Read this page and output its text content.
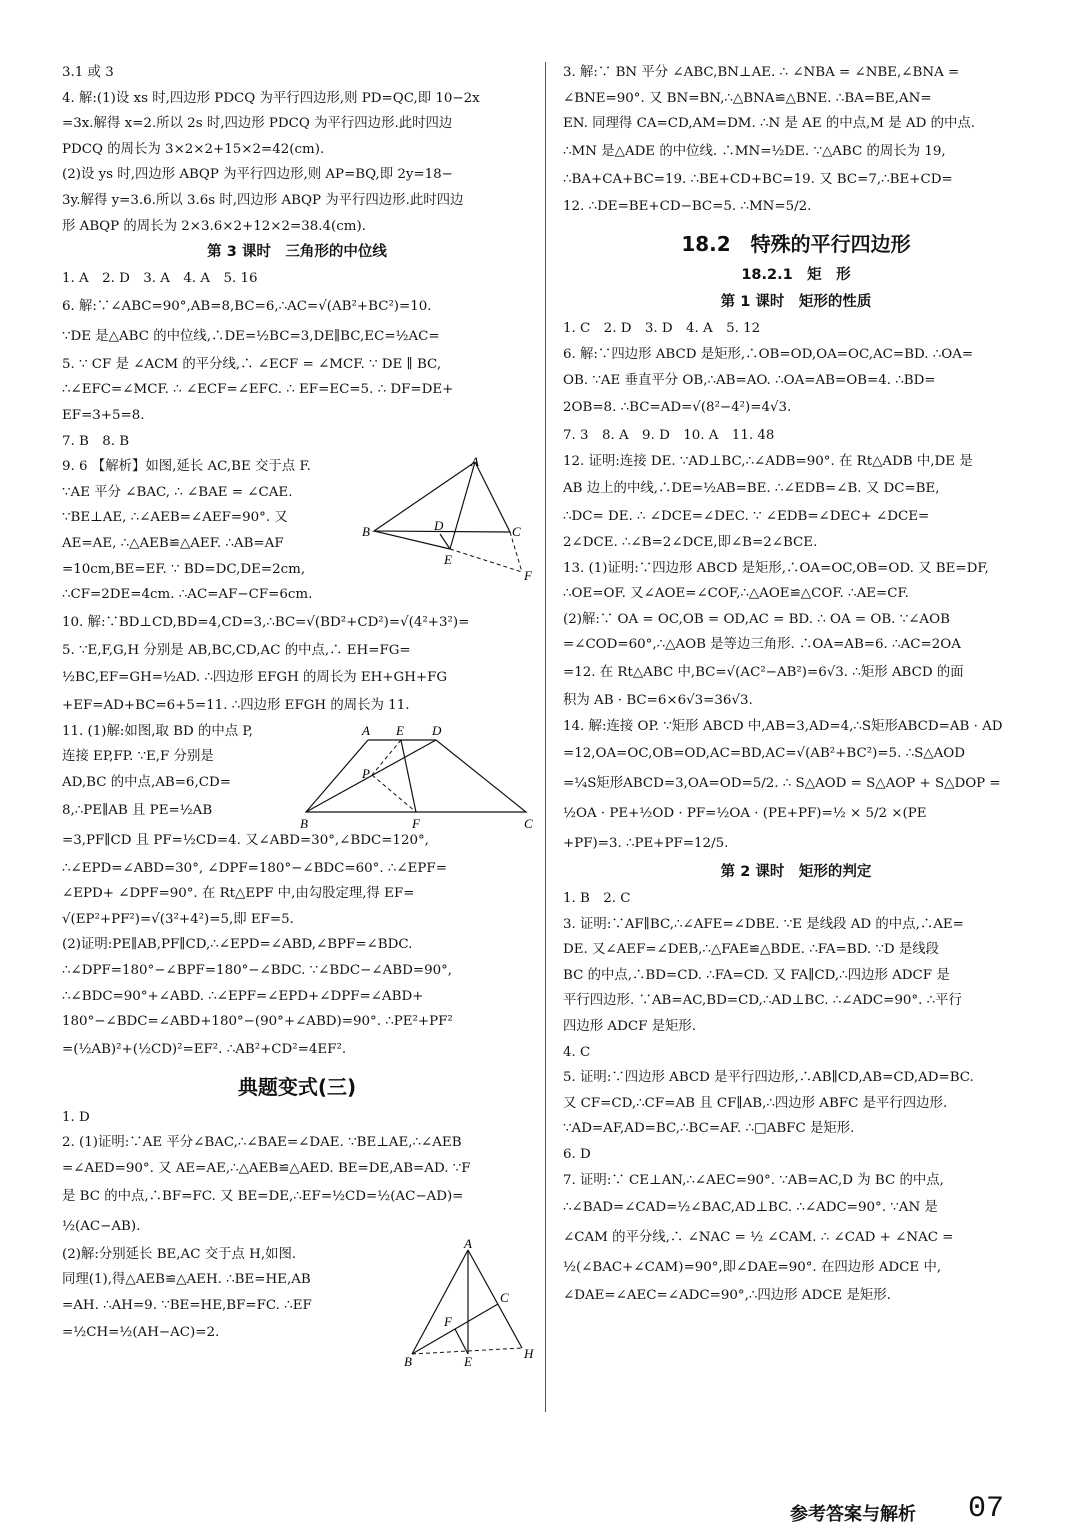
3.1 或 3
4. 解:(1)设 xs 时,四边形 PDCQ 为平行四边形,则 PD=QC,即 10−2x
=3x.解得 x=2.所以 2s 时,四边形 PDCQ 为平行四边形.此时四边
PDCQ 的周长为 3×2×2+15×2=42(cm).
(2)设 ys 时,四边形 ABQP 为平行四边形,则 AP=BQ,即 2y=18−
3y.解得 y=3.6.所以 3.6s 时,四边形 ABQP 为平行四边形.此时四边
形 ABQP 的周长为 2×3.6×2+12×2=38.4(cm).
第 3 课时　三角形的中位线
1. A　2. D　3. A　4. A　5. 16
6. 解:∵∠ABC=90°,AB=8,BC=6,∴AC=√(AB²+BC²)=10.
∵DE 是△ABC 的中位线,∴DE=½BC=3,DE∥BC,EC=½AC=
5. ∵ CF 是 ∠ACM 的平分线,∴ ∠ECF = ∠MCF. ∵ DE ∥ BC,
∴∠EFC=∠MCF. ∴ ∠ECF=∠EFC. ∴ EF=EC=5. ∴ DF=DE+
EF=3+5=8.
7. B　8. B
9. 6 【解析】如图,延长 AC,BE 交于点 F.
∵AE 平分 ∠BAC, ∴ ∠BAE = ∠CAE.
∵BE⊥AE, ∴∠AEB=∠AEF=90°. 又
AE=AE, ∴△AEB≌△AEF. ∴AB=AF
=10cm,BE=EF. ∵ BD=DC,DE=2cm,
∴CF=2DE=4cm. ∴AC=AF−CF=6cm.
10. 解:∵BD⊥CD,BD=4,CD=3,∴BC=√(BD²+CD²)=√(4²+3²)=
5. ∵E,F,G,H 分别是 AB,BC,CD,AC 的中点,∴ EH=FG=
½BC,EF=GH=½AD. ∴四边形 EFGH 的周长为 EH+GH+FG
+EF=AD+BC=6+5=11. ∴四边形 EFGH 的周长为 11.
11. (1)解:如图,取 BD 的中点 P,
连接 EP,FP. ∵E,F 分别是
AD,BC 的中点,AB=6,CD=
8,∴PE∥AB 且 PE=½AB
=3,PF∥CD 且 PF=½CD=4. 又∠ABD=30°,∠BDC=120°,
∴∠EPD=∠ABD=30°, ∠DPF=180°−∠BDC=60°. ∴∠EPF=
∠EPD+ ∠DPF=90°. 在 Rt△EPF 中,由勾股定理,得 EF=
√(EP²+PF²)=√(3²+4²)=5,即 EF=5.
(2)证明:PE∥AB,PF∥CD,∴∠EPD=∠ABD,∠BPF=∠BDC.
∴∠DPF=180°−∠BPF=180°−∠BDC. ∵∠BDC−∠ABD=90°,
∴∠BDC=90°+∠ABD. ∴∠EPF=∠EPD+∠DPF=∠ABD+
180°−∠BDC=∠ABD+180°−(90°+∠ABD)=90°. ∴PE²+PF²
=(½AB)²+(½CD)²=EF². ∴AB²+CD²=4EF².
典题变式(三)
1. D
2. (1)证明:∵AE 平分∠BAC,∴∠BAE=∠DAE. ∵BE⊥AE,∴∠AEB
=∠AED=90°. 又 AE=AE,∴△AEB≌△AED. BE=DE,AB=AD. ∵F
是 BC 的中点,∴BF=FC. 又 BE=DE,∴EF=½CD=½(AC−AD)=
½(AC−AB).
(2)解:分别延长 BE,AC 交于点 H,如图.
同理(1),得△AEB≌△AEH. ∴BE=HE,AB
=AH. ∴AH=9. ∵BE=HE,BF=FC. ∴EF
=½CH=½(AH−AC)=2.
3. 解:∵ BN 平分 ∠ABC,BN⊥AE. ∴ ∠NBA = ∠NBE,∠BNA =
∠BNE=90°. 又 BN=BN,∴△BNA≌△BNE. ∴BA=BE,AN=
EN. 同理得 CA=CD,AM=DM. ∴N 是 AE 的中点,M 是 AD 的中点.
∴MN 是△ADE 的中位线. ∴MN=½DE. ∵△ABC 的周长为 19,
∴BA+CA+BC=19. ∴BE+CD+BC=19. 又 BC=7,∴BE+CD=
12. ∴DE=BE+CD−BC=5. ∴MN=5/2.
18.2　特殊的平行四边形
18.2.1　矩　形
第 1 课时　矩形的性质
1. C　2. D　3. D　4. A　5. 12
6. 解:∵四边形 ABCD 是矩形,∴OB=OD,OA=OC,AC=BD. ∴OA=
OB. ∵AE 垂直平分 OB,∴AB=AO. ∴OA=AB=OB=4. ∴BD=
2OB=8. ∴BC=AD=√(8²−4²)=4√3.
7. 3　8. A　9. D　10. A　11. 48
12. 证明:连接 DE. ∵AD⊥BC,∴∠ADB=90°. 在 Rt△ADB 中,DE 是
AB 边上的中线,∴DE=½AB=BE. ∴∠EDB=∠B. 又 DC=BE,
∴DC= DE. ∴ ∠DCE=∠DEC. ∵ ∠EDB=∠DEC+ ∠DCE=
2∠DCE. ∴∠B=2∠DCE,即∠B=2∠BCE.
13. (1)证明:∵四边形 ABCD 是矩形,∴OA=OC,OB=OD. 又 BE=DF,
∴OE=OF. 又∠AOE=∠COF,∴△AOE≌△COF. ∴AE=CF.
(2)解:∵ OA = OC,OB = OD,AC = BD. ∴ OA = OB. ∵∠AOB
=∠COD=60°,∴△AOB 是等边三角形. ∴OA=AB=6. ∴AC=2OA
=12. 在 Rt△ABC 中,BC=√(AC²−AB²)=6√3. ∴矩形 ABCD 的面
积为 AB · BC=6×6√3=36√3.
14. 解:连接 OP. ∵矩形 ABCD 中,AB=3,AD=4,∴S矩形ABCD=AB · AD
=12,OA=OC,OB=OD,AC=BD,AC=√(AB²+BC²)=5. ∴S△AOD
=¼S矩形ABCD=3,OA=OD=5/2. ∴ S△AOD = S△AOP + S△DOP =
½OA · PE+½OD · PF=½OA · (PE+PF)=½ × 5/2 ×(PE
+PF)=3. ∴PE+PF=12/5.
第 2 课时　矩形的判定
1. B　2. C
3. 证明:∵AF∥BC,∴∠AFE=∠DBE. ∵E 是线段 AD 的中点,∴AE=
DE. 又∠AEF=∠DEB,∴△FAE≌△BDE. ∴FA=BD. ∵D 是线段
BC 的中点,∴BD=CD. ∴FA=CD. 又 FA∥CD,∴四边形 ADCF 是
平行四边形. ∵AB=AC,BD=CD,∴AD⊥BC. ∴∠ADC=90°. ∴平行
四边形 ADCF 是矩形.
4. C
5. 证明:∵四边形 ABCD 是平行四边形,∴AB∥CD,AB=CD,AD=BC.
又 CF=CD,∴CF=AB 且 CF∥AB,∴四边形 ABFC 是平行四边形.
∵AD=AF,AD=BC,∴BC=AF. ∴□ABFC 是矩形.
6. D
7. 证明:∵ CE⊥AN,∴∠AEC=90°. ∵AB=AC,D 为 BC 的中点,
∴∠BAD=∠CAD=½∠BAC,AD⊥BC. ∴∠ADC=90°. ∵AN 是
∠CAM 的平分线,∴ ∠NAC = ½ ∠CAM. ∴ ∠CAD + ∠NAC =
½(∠BAC+∠CAM)=90°,即∠DAE=90°. 在四边形 ADCE 中,
∠DAE=∠AEC=∠ADC=90°,∴四边形 ADCE 是矩形.
A
B	C
D
E
F
A E D
P
B	F	C
A
C
F
B	E
H
参考答案与解析 07
